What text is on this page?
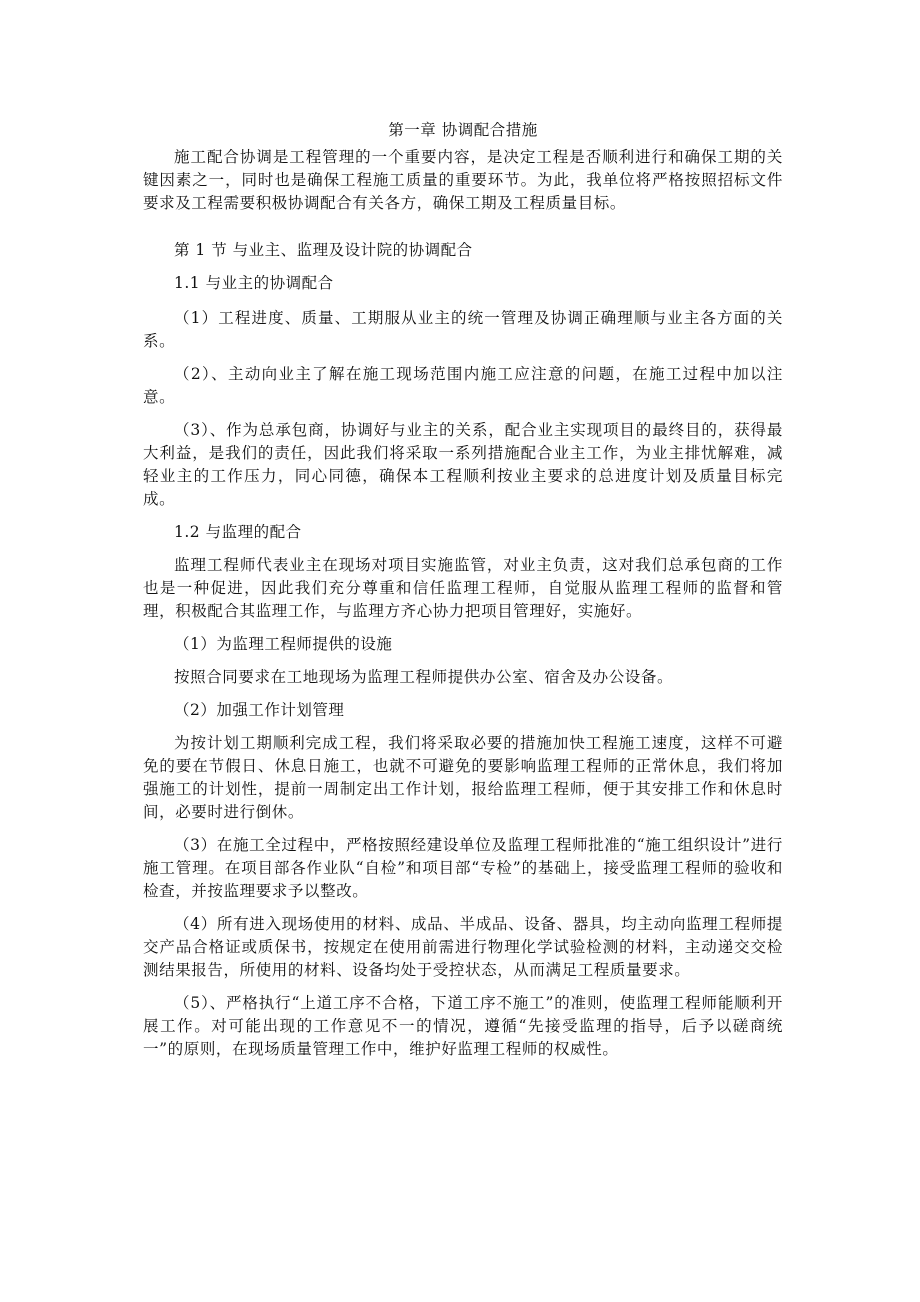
第一章 协调配合措施

施工配合协调是工程管理的一个重要内容，是决定工程是否顺利进行和确保工期的关键因素之一，同时也是确保工程施工质量的重要环节。为此，我单位将严格按照招标文件要求及工程需要积极协调配合有关各方，确保工期及工程质量目标。

第 1 节 与业主、监理及设计院的协调配合

1.1 与业主的协调配合

（1）工程进度、质量、工期服从业主的统一管理及协调正确理顺与业主各方面的关系。

（2）、主动向业主了解在施工现场范围内施工应注意的问题，在施工过程中加以注意。

（3）、作为总承包商，协调好与业主的关系，配合业主实现项目的最终目的，获得最大利益，是我们的责任，因此我们将采取一系列措施配合业主工作，为业主排忧解难，减轻业主的工作压力，同心同德，确保本工程顺利按业主要求的总进度计划及质量目标完成。

1.2 与监理的配合

监理工程师代表业主在现场对项目实施监管，对业主负责，这对我们总承包商的工作也是一种促进，因此我们充分尊重和信任监理工程师，自觉服从监理工程师的监督和管理，积极配合其监理工作，与监理方齐心协力把项目管理好，实施好。

（1）为监理工程师提供的设施

按照合同要求在工地现场为监理工程师提供办公室、宿舍及办公设备。

（2）加强工作计划管理

为按计划工期顺利完成工程，我们将采取必要的措施加快工程施工速度，这样不可避免的要在节假日、休息日施工，也就不可避免的要影响监理工程师的正常休息，我们将加强施工的计划性，提前一周制定出工作计划，报给监理工程师，便于其安排工作和休息时间，必要时进行倒休。

（3）在施工全过程中，严格按照经建设单位及监理工程师批准的“施工组织设计”进行施工管理。在项目部各作业队“自检”和项目部“专检”的基础上，接受监理工程师的验收和检查，并按监理要求予以整改。

（4）所有进入现场使用的材料、成品、半成品、设备、器具，均主动向监理工程师提交产品合格证或质保书，按规定在使用前需进行物理化学试验检测的材料，主动递交交检测结果报告，所使用的材料、设备均处于受控状态，从而满足工程质量要求。

（5）、严格执行“上道工序不合格，下道工序不施工”的准则，使监理工程师能顺利开展工作。对可能出现的工作意见不一的情况，遵循“先接受监理的指导，后予以磋商统一”的原则，在现场质量管理工作中，维护好监理工程师的权威性。
